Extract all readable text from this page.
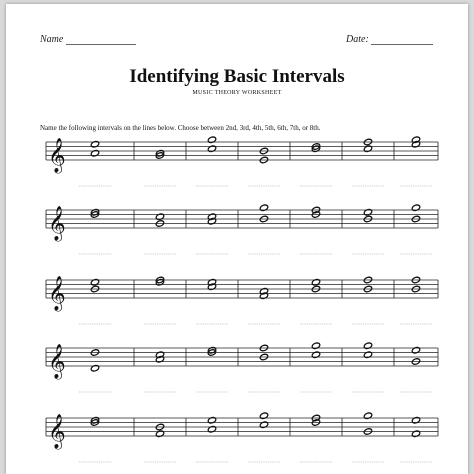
Name	Date:
Identifying Basic Intervals
MUSIC THEORY WORKSHEET
Name the following intervals on the lines below. Choose between 2nd, 3rd, 4th, 5th, 6th, 7th, or 8th.
𝄞
𝄞
𝄞
𝄞
𝄞
